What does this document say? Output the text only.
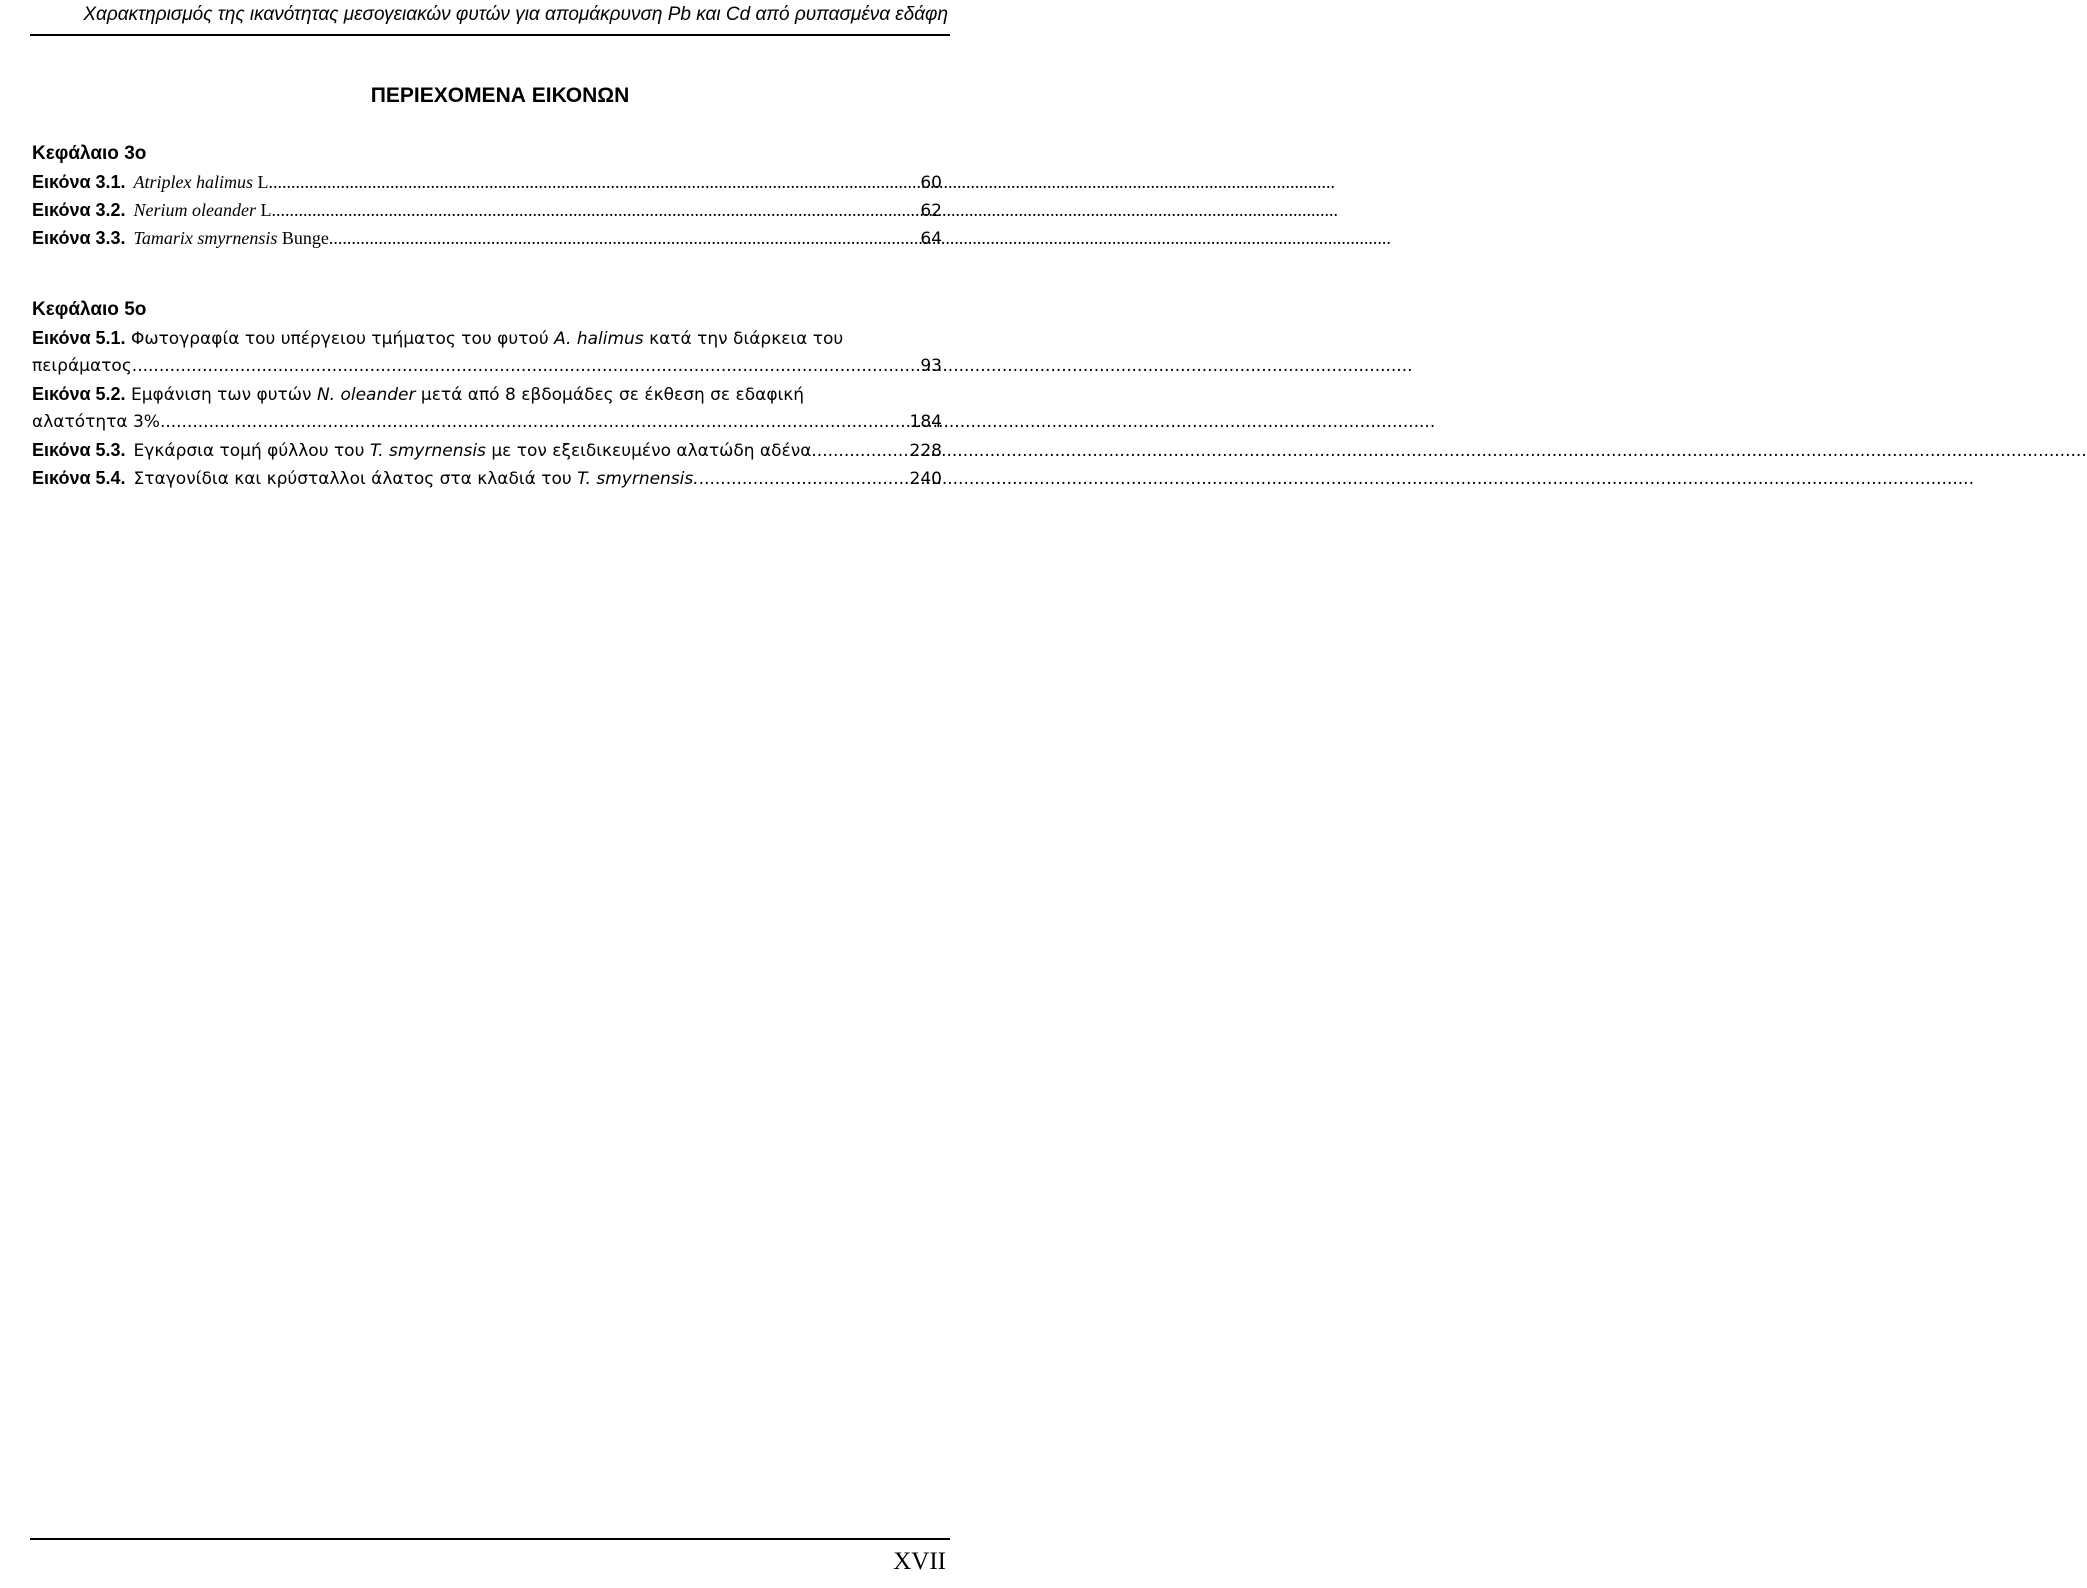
Χαρακτηρισμός της ικανότητας μεσογειακών φυτών για απομάκρυνση Pb και Cd από ρυπασμένα εδάφη
ΠΕΡΙΕΧΟΜΕΝΑ ΕΙΚΟΝΩΝ
Κεφάλαιο 3ο
Εικόνα 3.1. Atriplex halimus L. .....	60
Εικόνα 3.2. Nerium oleander L. .....	62
Εικόνα 3.3. Tamarix smyrnensis Bunge .....	64
Κεφάλαιο 5ο
Εικόνα 5.1. Φωτογραφία του υπέργειου τμήματος του φυτού A. halimus κατά την διάρκεια του
πειράματος. .....	93
Εικόνα 5.2. Εμφάνιση των φυτών N. oleander μετά από 8 εβδομάδες σε έκθεση σε εδαφική
αλατότητα 3% .....	184
Εικόνα 5.3. Εγκάρσια τομή φύλλου του T. smyrnensis με τον εξειδικευμένο αλατώδη αδένα .....	228
Εικόνα 5.4. Σταγονίδια και κρύσταλλοι άλατος στα κλαδιά του T. smyrnensis. .....	240
XVII
